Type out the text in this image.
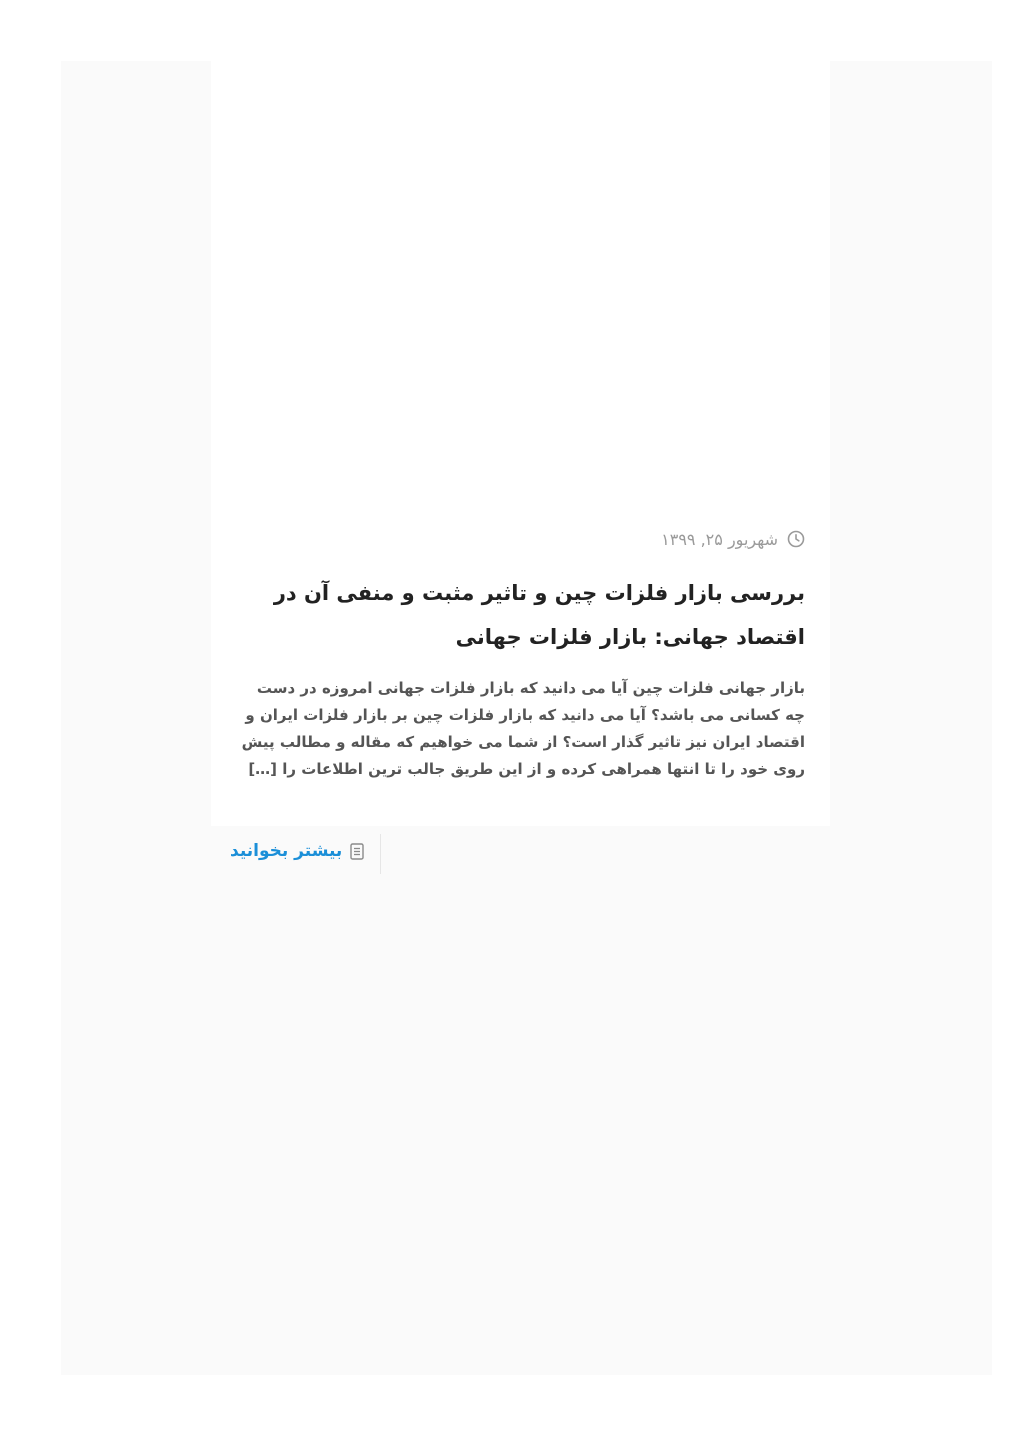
شهریور ۲۵, ۱۳۹۹
بررسی بازار فلزات چین و تاثیر مثبت و منفی آن در اقتصاد جهانی: بازار فلزات جهانی

بازار جهانی فلزات چین آیا می دانید که بازار فلزات جهانی امروزه در دست چه کسانی می باشد؟ آیا می دانید که بازار فلزات چین بر بازار فلزات ایران و اقتصاد ایران نیز تاثیر گذار است؟ از شما می خواهیم که مقاله و مطالب پیش روی خود را تا انتها همراهی کرده و از این طریق جالب ترین اطلاعات را […]

بیشتر بخوانید
